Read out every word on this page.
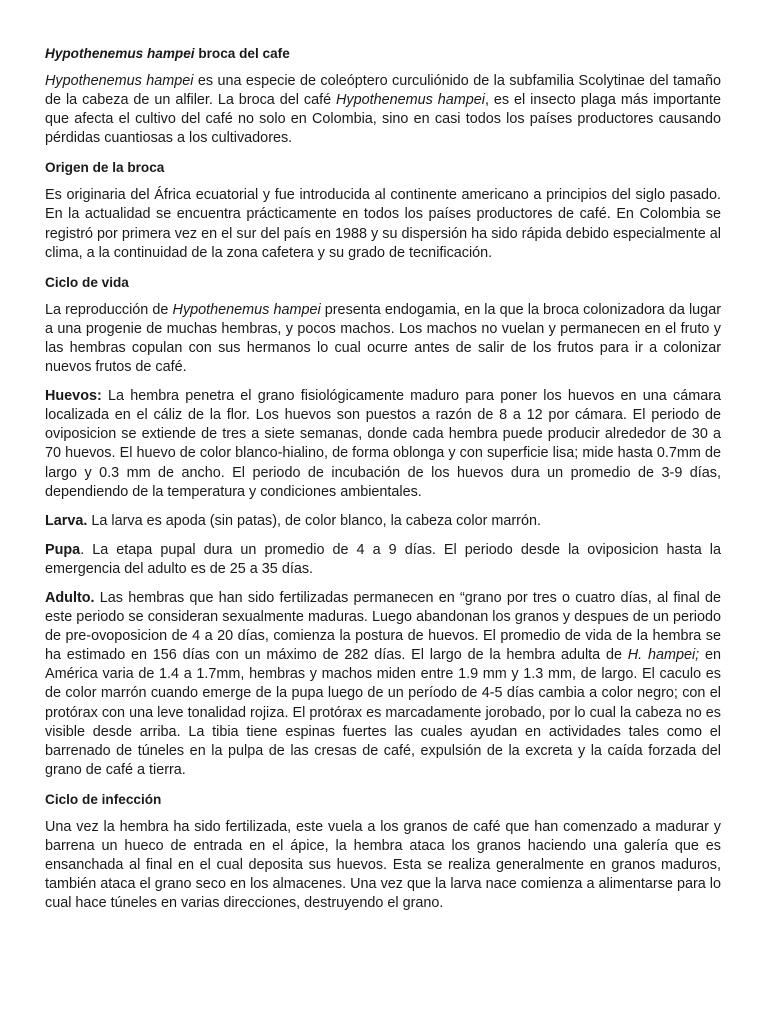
Hypothenemus hampei broca del cafe

Hypothenemus hampei es una especie de coleóptero curculiónido de la subfamilia Scolytinae del tamaño de la cabeza de un alfiler. La broca del café Hypothenemus hampei, es el insecto plaga más importante que afecta el cultivo del café no solo en Colombia, sino en casi todos los países productores causando pérdidas cuantiosas a los cultivadores.

Origen de la broca

Es originaria del África ecuatorial y fue introducida al continente americano a principios del siglo pasado. En la actualidad se encuentra prácticamente en todos los países productores de café. En Colombia se registró por primera vez en el sur del país en 1988 y su dispersión ha sido rápida debido especialmente al clima, a la continuidad de la zona cafetera y su grado de tecnificación.

Ciclo de vida

La reproducción de Hypothenemus hampei presenta endogamia, en la que la broca colonizadora da lugar a una progenie de muchas hembras, y pocos machos. Los machos no vuelan y permanecen en el fruto y las hembras copulan con sus hermanos lo cual ocurre antes de salir de los frutos para ir a colonizar nuevos frutos de café.

Huevos: La hembra penetra el grano fisiológicamente maduro para poner los huevos en una cámara localizada en el cáliz de la flor. Los huevos son puestos a razón de 8 a 12 por cámara. El periodo de oviposicion se extiende de tres a siete semanas, donde cada hembra puede producir alrededor de 30 a 70 huevos. El huevo de color blanco-hialino, de forma oblonga y con superficie lisa; mide hasta 0.7mm de largo y 0.3 mm de ancho. El periodo de incubación de los huevos dura un promedio de 3-9 días, dependiendo de la temperatura y condiciones ambientales.

Larva. La larva es apoda (sin patas), de color blanco, la cabeza color marrón.

Pupa. La etapa pupal dura un promedio de 4 a 9 días. El periodo desde la oviposicion hasta la emergencia del adulto es de 25 a 35 días.

Adulto. Las hembras que han sido fertilizadas permanecen en “grano por tres o cuatro días, al final de este periodo se consideran sexualmente maduras. Luego abandonan los granos y despues de un periodo de pre-ovoposicion de 4 a 20 días, comienza la postura de huevos. El promedio de vida de la hembra se ha estimado en 156 días con un máximo de 282 días. El largo de la hembra adulta de H. hampei; en América varia de 1.4 a 1.7mm, hembras y machos miden entre 1.9 mm y 1.3 mm, de largo. El caculo es de color marrón cuando emerge de la pupa luego de un período de 4-5 días cambia a color negro; con el protórax con una leve tonalidad rojiza. El protórax es marcadamente jorobado, por lo cual la cabeza no es visible desde arriba. La tibia tiene espinas fuertes las cuales ayudan en actividades tales como el barrenado de túneles en la pulpa de las cresas de café, expulsión de la excreta y la caída forzada del grano de café a tierra.

Ciclo de infección

Una vez la hembra ha sido fertilizada, este vuela a los granos de café que han comenzado a madurar y barrena un hueco de entrada en el ápice, la hembra ataca los granos haciendo una galería que es ensanchada al final en el cual deposita sus huevos. Esta se realiza generalmente en granos maduros, también ataca el grano seco en los almacenes. Una vez que la larva nace comienza a alimentarse para lo cual hace túneles en varias direcciones, destruyendo el grano.
